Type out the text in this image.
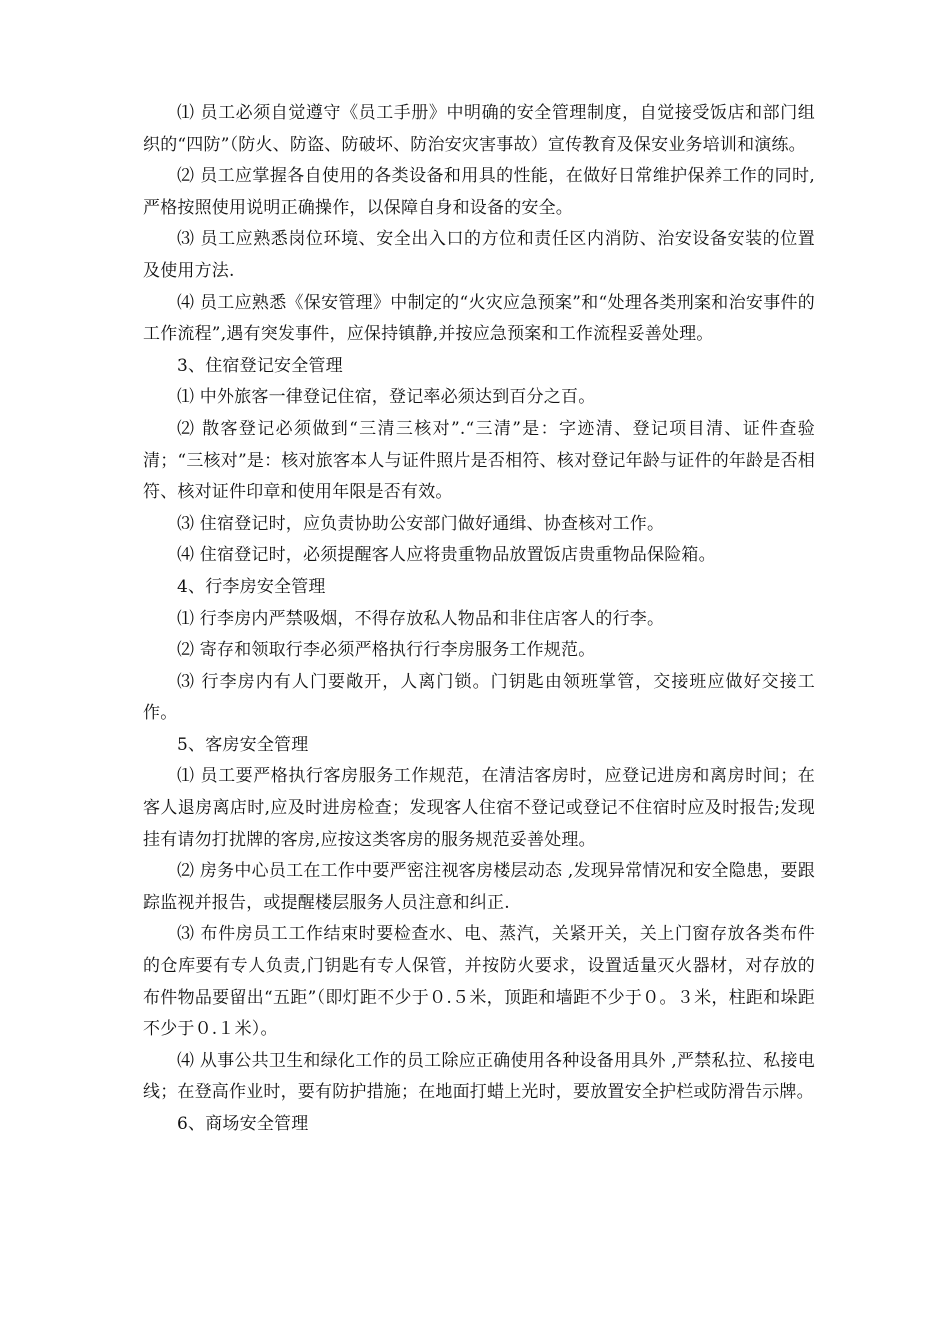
⑴ 员工必须自觉遵守《员工手册》中明确的安全管理制度，自觉接受饭店和部门组织的“四防”（防火、防盗、防破坏、防治安灾害事故）宣传教育及保安业务培训和演练。

⑵ 员工应掌握各自使用的各类设备和用具的性能，在做好日常维护保养工作的同时,严格按照使用说明正确操作，以保障自身和设备的安全。

⑶ 员工应熟悉岗位环境、安全出入口的方位和责任区内消防、治安设备安装的位置及使用方法.

⑷ 员工应熟悉《保安管理》中制定的“火灾应急预案”和“处理各类刑案和治安事件的工作流程”,遇有突发事件，应保持镇静,并按应急预案和工作流程妥善处理。

3、住宿登记安全管理

⑴ 中外旅客一律登记住宿，登记率必须达到百分之百。

⑵ 散客登记必须做到“三清三核对”.“三清”是：字迹清、登记项目清、证件查验清；“三核对”是：核对旅客本人与证件照片是否相符、核对登记年龄与证件的年龄是否相符、核对证件印章和使用年限是否有效。

⑶ 住宿登记时，应负责协助公安部门做好通缉、协查核对工作。

⑷ 住宿登记时，必须提醒客人应将贵重物品放置饭店贵重物品保险箱。

4、行李房安全管理

⑴ 行李房内严禁吸烟，不得存放私人物品和非住店客人的行李。

⑵ 寄存和领取行李必须严格执行行李房服务工作规范。

⑶ 行李房内有人门要敞开，人离门锁。门钥匙由领班掌管，交接班应做好交接工作。

5、客房安全管理

⑴ 员工要严格执行客房服务工作规范，在清洁客房时，应登记进房和离房时间；在客人退房离店时,应及时进房检查；发现客人住宿不登记或登记不住宿时应及时报告;发现挂有请勿打扰牌的客房,应按这类客房的服务规范妥善处理。

⑵ 房务中心员工在工作中要严密注视客房楼层动态 ,发现异常情况和安全隐患，要跟踪监视并报告，或提醒楼层服务人员注意和纠正.

⑶ 布件房员工工作结束时要检查水、电、蒸汽，关紧开关，关上门窗存放各类布件的仓库要有专人负责,门钥匙有专人保管，并按防火要求，设置适量灭火器材，对存放的布件物品要留出“五距”（即灯距不少于０.５米，顶距和墙距不少于０。３米，柱距和垛距不少于０.１米）。

⑷ 从事公共卫生和绿化工作的员工除应正确使用各种设备用具外 ,严禁私拉、私接电线；在登高作业时，要有防护措施；在地面打蜡上光时，要放置安全护栏或防滑告示牌。

6、商场安全管理
